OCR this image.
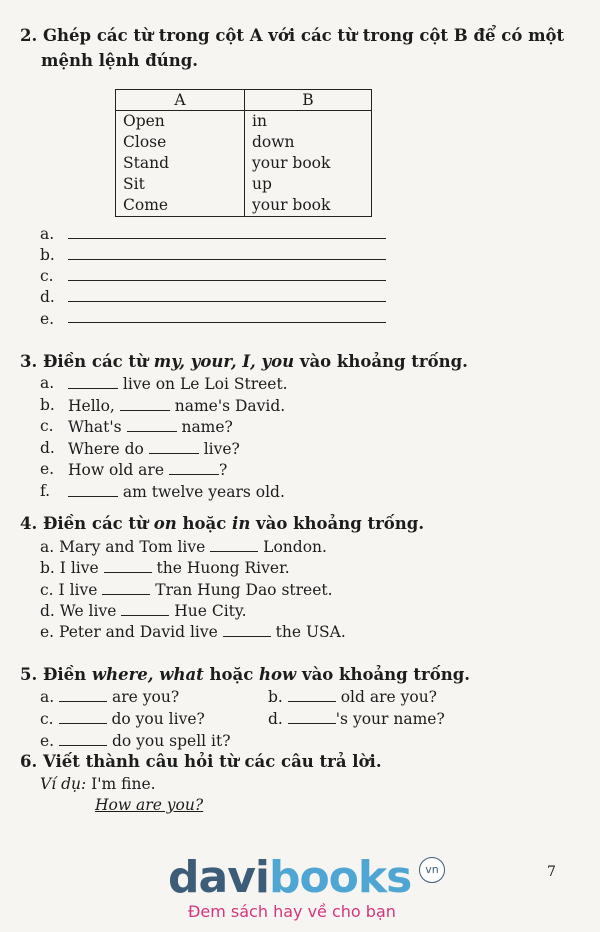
2. Ghép các từ trong cột A với các từ trong cột B để có một
mệnh lệnh đúng.
A	B
Open	in
Close	down
Stand	your book
Sit	up
Come	your book
a.
b.
c.
d.
e.
3. Điền các từ my, your, I, you vào khoảng trống.
a.	live on Le Loi Street.
b. Hello,	name's David.
c. What's	name?
d. Where do	live?
e. How old are	?
f.	am twelve years old.
4. Điền các từ on hoặc in vào khoảng trống.
a. Mary and Tom live	London.
b. I live	the Huong River.
c. I live	Tran Hung Dao street.
d. We live	Hue City.
e. Peter and David live	the USA.
5. Điền where, what hoặc how vào khoảng trống.
a.	are you?	b.	old are you?
c.	do you live?	d.	's your name?
e.	do you spell it?
6. Viết thành câu hỏi từ các câu trả lời.
Ví dụ: I'm fine.
How are you?
7
davibooks	vn
Đem sách hay về cho bạn
